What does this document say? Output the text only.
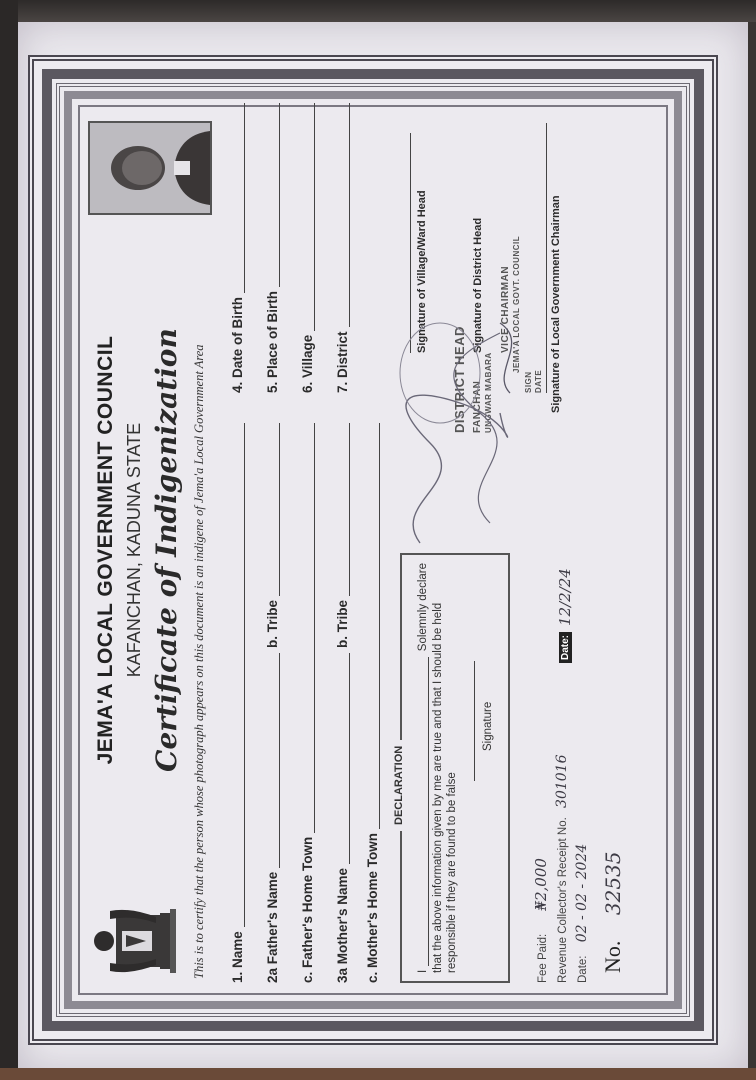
JEMA'A LOCAL GOVERNMENT COUNCIL KAFANCHAN, KADUNA STATE Certificate of Indigenization This is to certify that the person whose photograph appears on this document is an indigene of Jema'a Local Government Area 1. Name
4. Date of Birth
2a Father's Name
b. Tribe
5. Place of Birth
c. Father's Home Town
6. Village
3a Mother's Name
b. Tribe
7. District
c. Mother's Home Town
DECLARATION
I
Solemnly declare that the above information given by me are true and that I should be held responsible if they are found to be false
Signature
Fee Paid: ₦2,000 Revenue Collector's Receipt No. 301016
Date: 02 - 02 - 2024
Date:
12/2/24
No. 32535
Signature of Village/Ward Head
DISTRICT HEAD FANCHAN UNGWAR MABARA
Signature of District Head VICE CHAIRMAN JEMA'A LOCAL GOVT. COUNCIL
SIGN DATE Signature of Local Government Chairman
